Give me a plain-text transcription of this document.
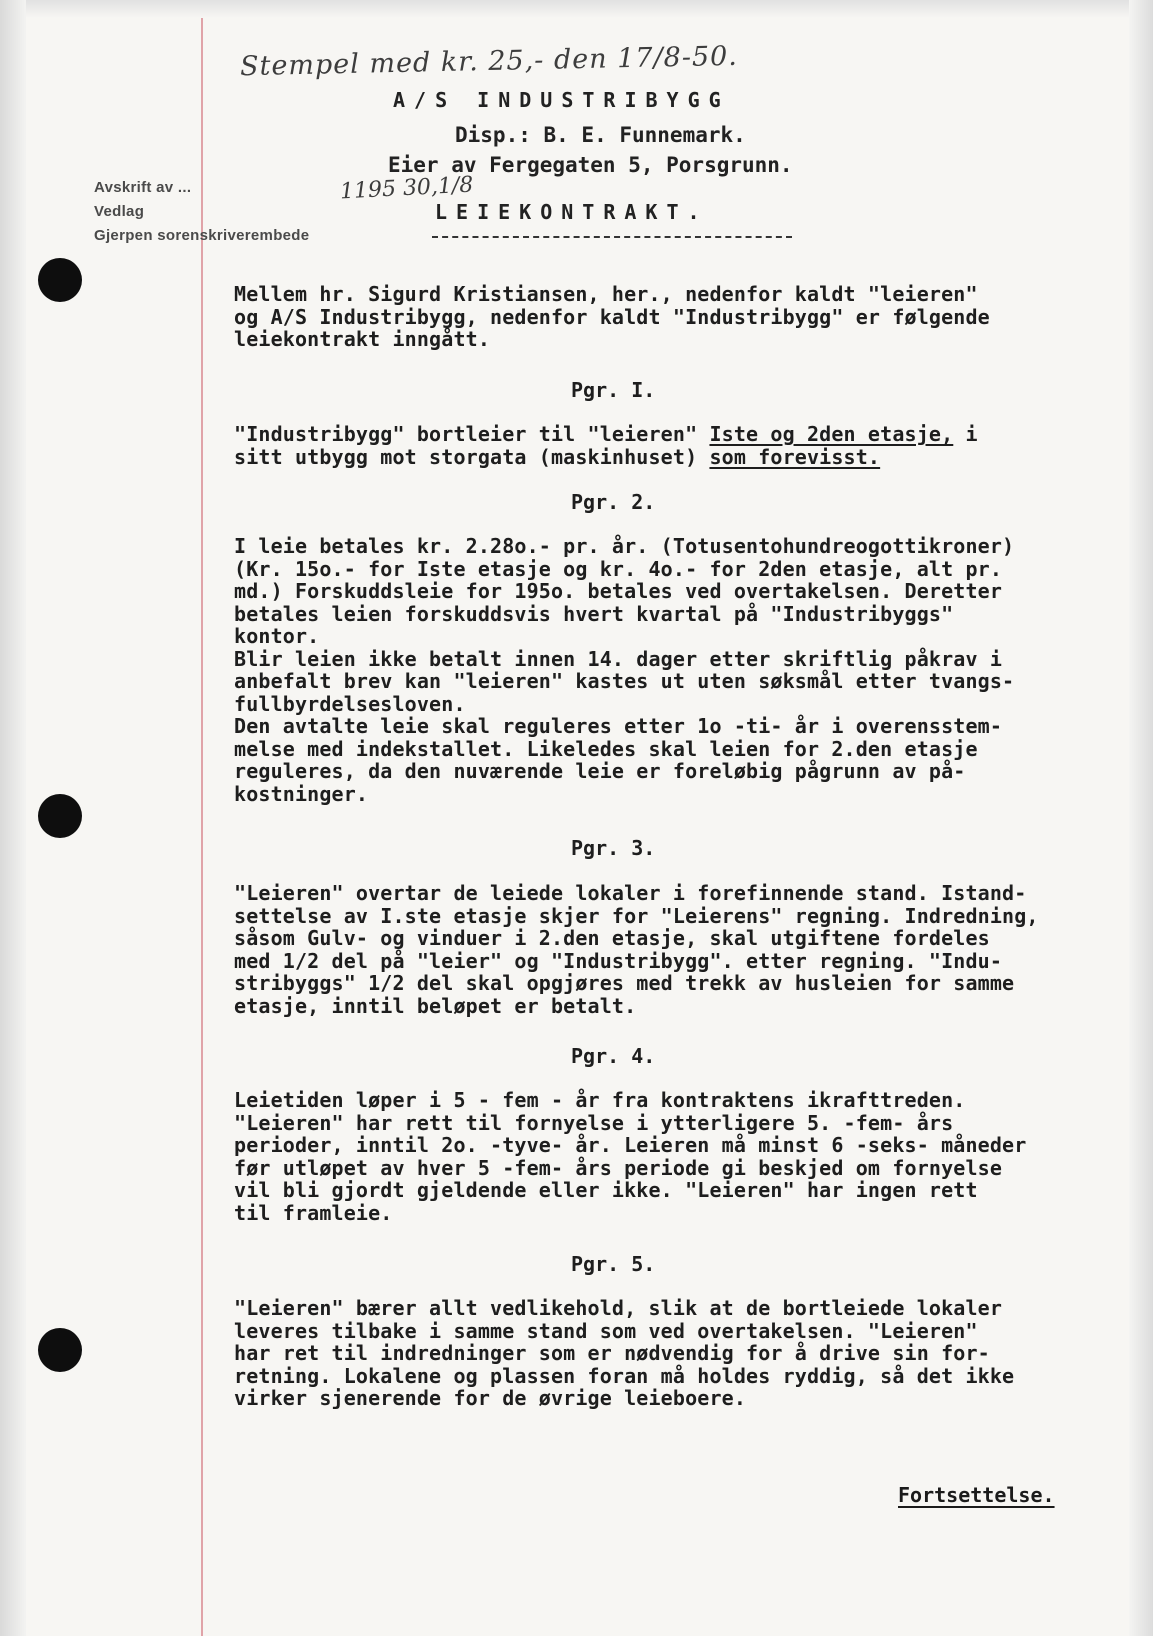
Stempel med kr. 25,- den 17/8-50.
Avskrift av ...
Vedlag
Gjerpen sorenskriverembede
1195 30,1/8
A/S INDUSTRIBYGG
Disp.: B. E. Funnemark.
Eier av Fergegaten 5, Porsgrunn.
LEIEKONTRAKT.
Mellem hr. Sigurd Kristiansen, her., nedenfor kaldt "leieren"
og A/S Industribygg, nedenfor kaldt "Industribygg" er følgende
leiekontrakt inngått.
Pgr. I.
"Industribygg" bortleier til "leieren" Iste og 2den etasje, i
sitt utbygg mot storgata (maskinhuset) som forevisst.
Pgr. 2.
I leie betales kr. 2.28o.- pr. år. (Totusentohundreogottikroner)
(Kr. 15o.- for Iste etasje og kr. 4o.- for 2den etasje, alt pr.
md.) Forskuddsleie for 195o. betales ved overtakelsen. Deretter
betales leien forskuddsvis hvert kvartal på "Industribyggs"
kontor.
Blir leien ikke betalt innen 14. dager etter skriftlig påkrav i
anbefalt brev kan "leieren" kastes ut uten søksmål etter tvangs-
fullbyrdelsesloven.
Den avtalte leie skal reguleres etter 1o -ti- år i overensstem-
melse med indekstallet. Likeledes skal leien for 2.den etasje
reguleres, da den nuværende leie er foreløbig pågrunn av på-
kostninger.
Pgr. 3.
"Leieren" overtar de leiede lokaler i forefinnende stand. Istand-
settelse av I.ste etasje skjer for "Leierens" regning. Indredning,
såsom Gulv- og vinduer i 2.den etasje, skal utgiftene fordeles
med 1/2 del på "leier" og "Industribygg". etter regning. "Indu-
stribyggs" 1/2 del skal opgjøres med trekk av husleien for samme
etasje, inntil beløpet er betalt.
Pgr. 4.
Leietiden løper i 5 - fem - år fra kontraktens ikrafttreden.
"Leieren" har rett til fornyelse i ytterligere 5. -fem- års
perioder, inntil 2o. -tyve- år. Leieren må minst 6 -seks- måneder
før utløpet av hver 5 -fem- års periode gi beskjed om fornyelse
vil bli gjordt gjeldende eller ikke. "Leieren" har ingen rett
til framleie.
Pgr. 5.
"Leieren" bærer allt vedlikehold, slik at de bortleiede lokaler
leveres tilbake i samme stand som ved overtakelsen. "Leieren"
har ret til indredninger som er nødvendig for å drive sin for-
retning. Lokalene og plassen foran må holdes ryddig, så det ikke
virker sjenerende for de øvrige leieboere.
Fortsettelse.
